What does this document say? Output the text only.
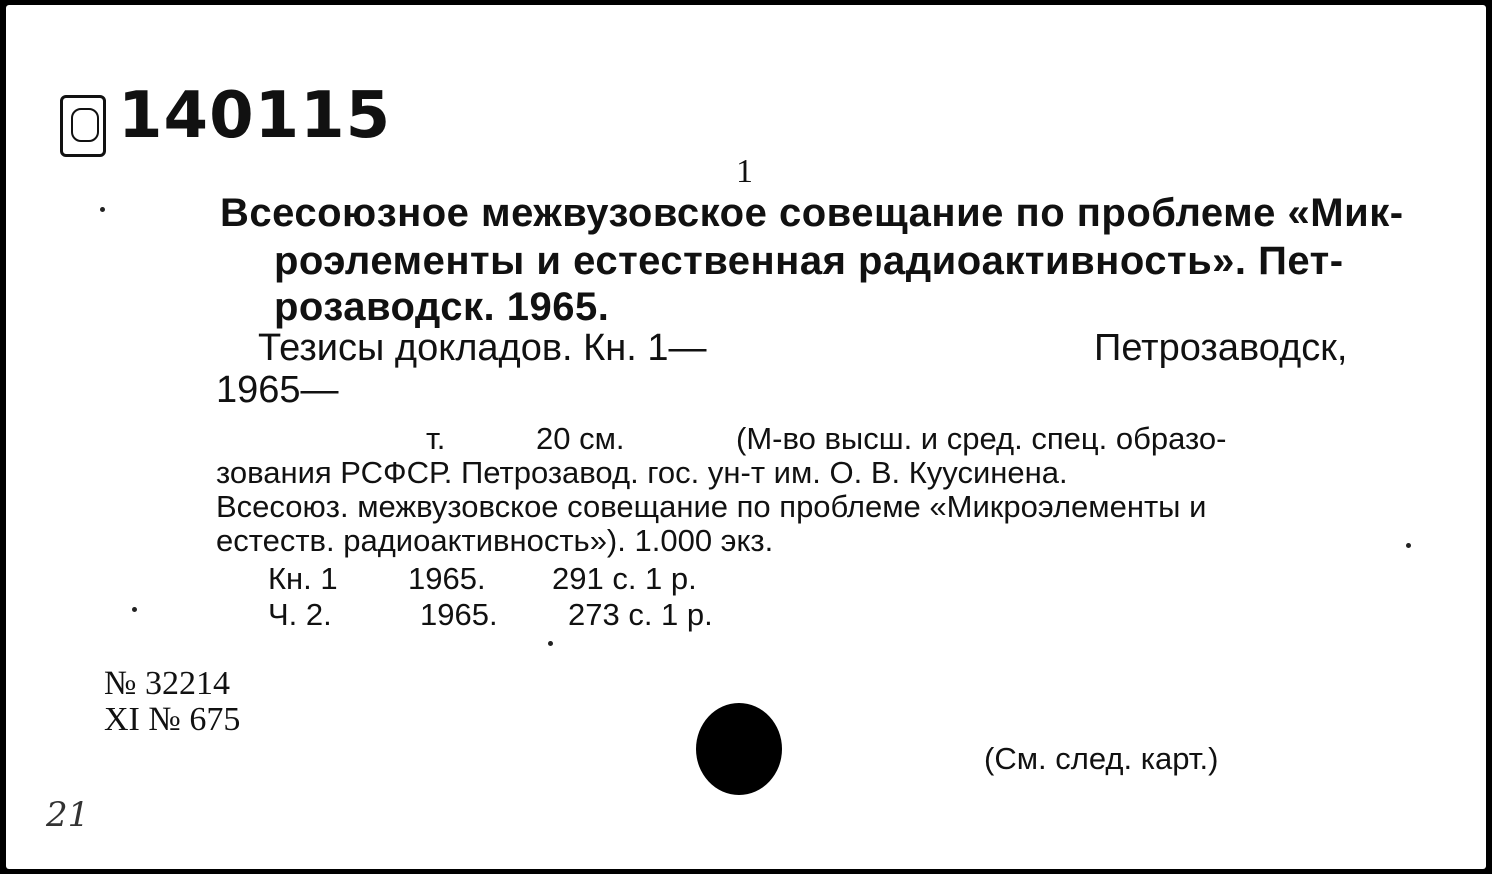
140115
1
Всесоюзное межвузовское совещание по проблеме «Мик-
роэлементы и естественная радиоактивность». Пет-
розаводск. 1965.
Тезисы докладов. Кн. 1—	Петрозаводск,
1965—
т.	20 см.	(М-во высш. и сред. спец. образо-
зования РСФСР. Петрозавод. гос. ун-т им. О. В. Куусинена.
Всесоюз. межвузовское совещание по проблеме «Микроэлементы и
естеств. радиоактивность»). 1.000 экз.
Кн. 1 1965. 291 с. 1 р.
Ч. 2.	1965. 273 с. 1 р.
№ 32214
XI № 675
(См. след. карт.)
21
